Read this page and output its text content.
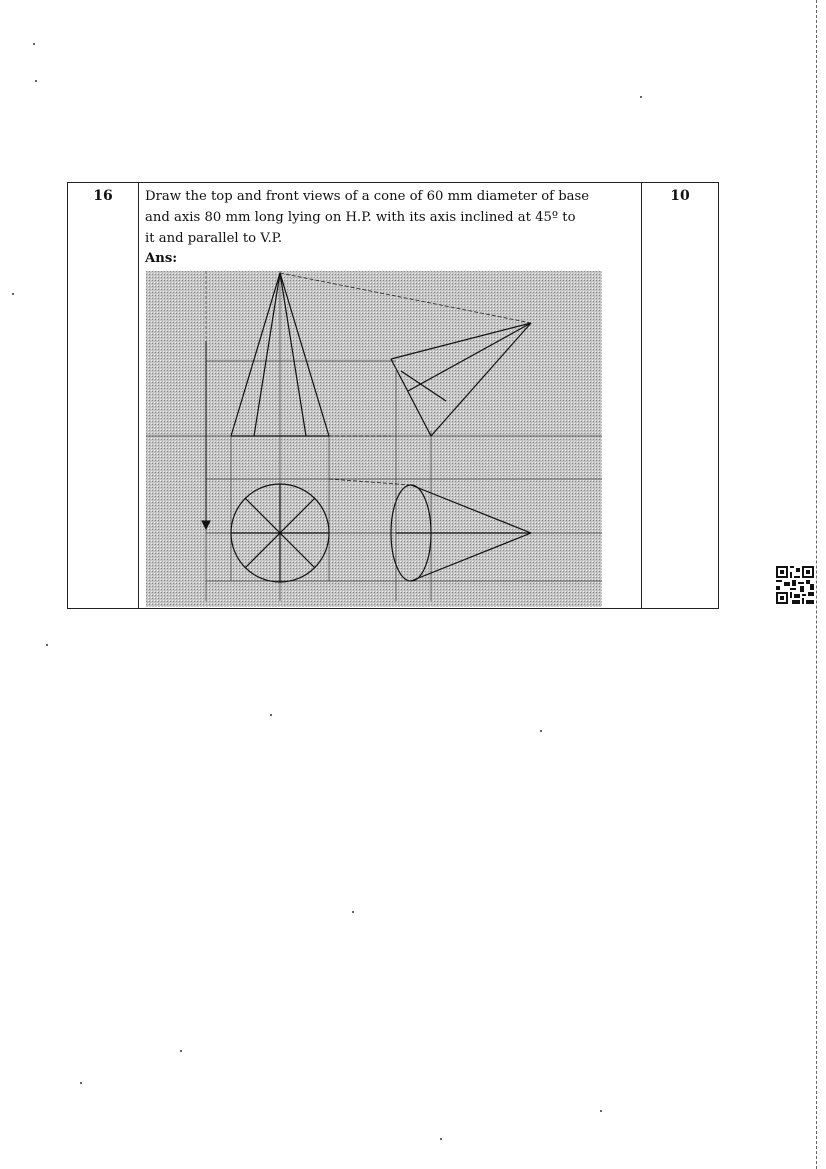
16	Draw the top and front views of a cone of 60 mm diameter of base
and axis 80 mm long lying on H.P. with its axis inclined at 45º to
it and parallel to V.P.
Ans:
10
